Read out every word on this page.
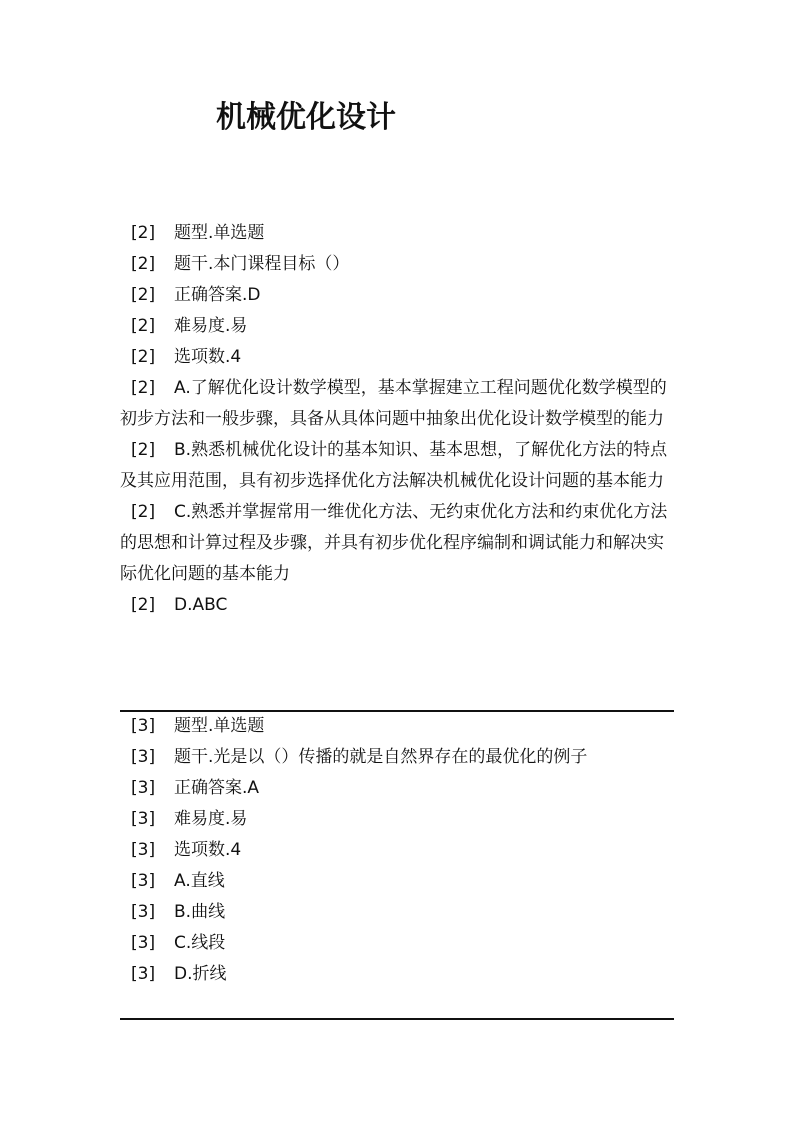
机械优化设计
[2] 题型.单选题
[2] 题干.本门课程目标（）
[2] 正确答案.D
[2] 难易度.易
[2] 选项数.4
[2] A.了解优化设计数学模型，基本掌握建立工程问题优化数学模型的初步方法和一般步骤，具备从具体问题中抽象出优化设计数学模型的能力
[2] B.熟悉机械优化设计的基本知识、基本思想，了解优化方法的特点及其应用范围，具有初步选择优化方法解决机械优化设计问题的基本能力
[2] C.熟悉并掌握常用一维优化方法、无约束优化方法和约束优化方法的思想和计算过程及步骤，并具有初步优化程序编制和调试能力和解决实际优化问题的基本能力
[2] D.ABC
[3] 题型.单选题
[3] 题干.光是以（）传播的就是自然界存在的最优化的例子
[3] 正确答案.A
[3] 难易度.易
[3] 选项数.4
[3] A.直线
[3] B.曲线
[3] C.线段
[3] D.折线
